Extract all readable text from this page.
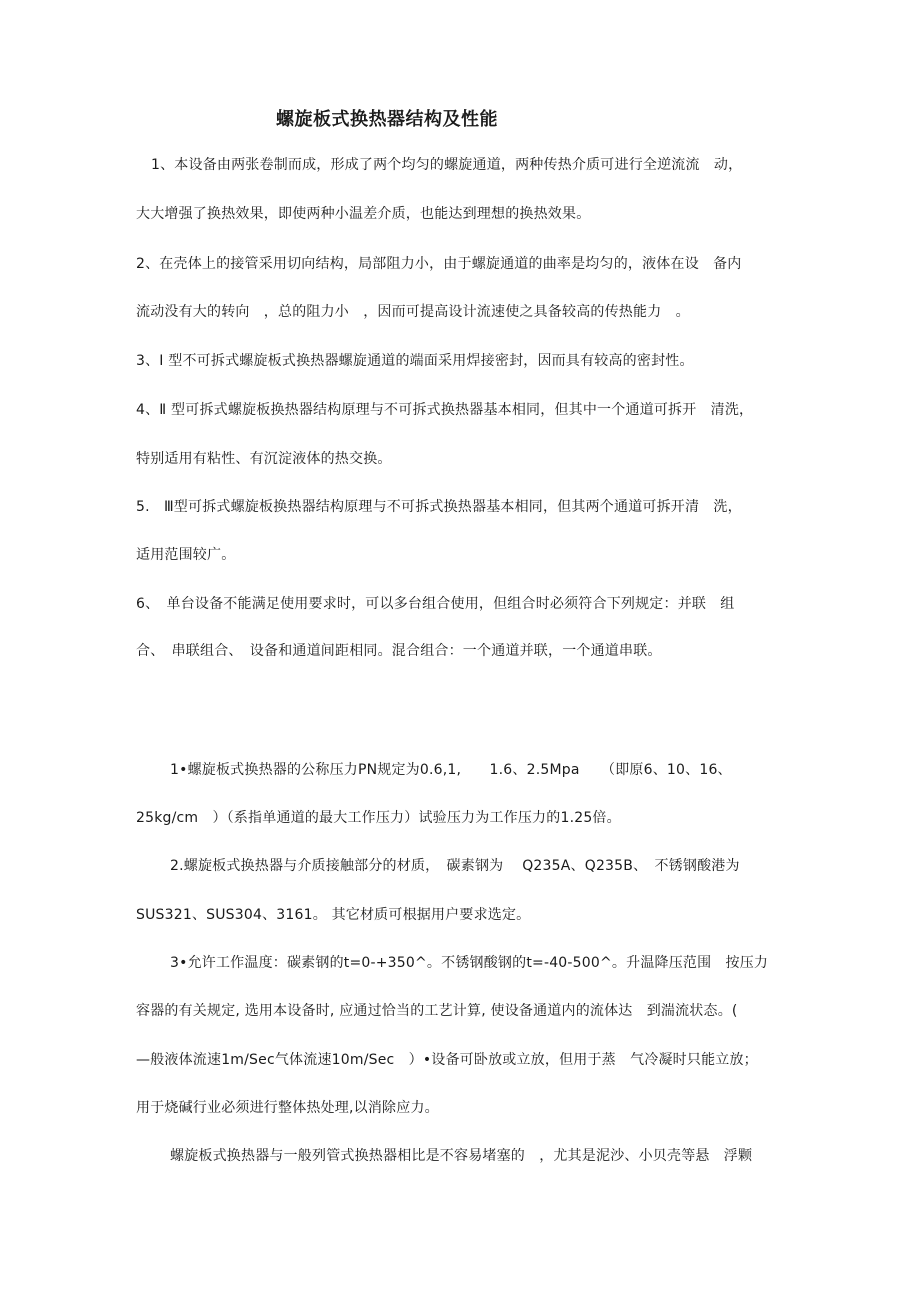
螺旋板式换热器结构及性能
1、本设备由两张卷制而成，形成了两个均匀的螺旋通道，两种传热介质可进行全逆流流　动，
大大增强了换热效果，即使两种小温差介质，也能达到理想的换热效果。
2、在壳体上的接管采用切向结构，局部阻力小，由于螺旋通道的曲率是均匀的，液体在设　备内
流动没有大的转向　，总的阻力小　，因而可提高设计流速使之具备较高的传热能力　。
3、Ⅰ 型不可拆式螺旋板式换热器螺旋通道的端面采用焊接密封，因而具有较高的密封性。
4、Ⅱ 型可拆式螺旋板换热器结构原理与不可拆式换热器基本相同，但其中一个通道可拆开　清洗，
特别适用有粘性、有沉淀液体的热交换。
5.　Ⅲ型可拆式螺旋板换热器结构原理与不可拆式换热器基本相同，但其两个通道可拆开清　洗，
适用范围较广。
6、　单台设备不能满足使用要求时，可以多台组合使用，但组合时必须符合下列规定：并联　组
合、　串联组合、　设备和通道间距相同。混合组合：一个通道并联，一个通道串联。
1•螺旋板式换热器的公称压力PN规定为0.6,1,　　1.6、2.5Mpa　　（即原6、10、16、
25kg/cm　）（系指单通道的最大工作压力）试验压力为工作压力的1.25倍。
2.螺旋板式换热器与介质接触部分的材质，　碳素钢为　 Q235A、Q235B、　不锈钢酸港为
SUS321、SUS304、3161。 其它材质可根据用户要求选定。
3•允许工作温度：碳素钢的t=0-+350^。不锈钢酸钢的t=-40-500^。升温降压范围　按压力
容器的有关规定, 选用本设备时, 应通过恰当的工艺计算, 使设备通道内的流体达　到湍流状态。(
—般液体流速1m/Sec气体流速10m/Sec　）•设备可卧放或立放，但用于蒸　气冷凝时只能立放；
用于烧碱行业必须进行整体热处理,以消除应力。
螺旋板式换热器与一般列管式换热器相比是不容易堵塞的　，尤其是泥沙、小贝壳等悬　浮颗
